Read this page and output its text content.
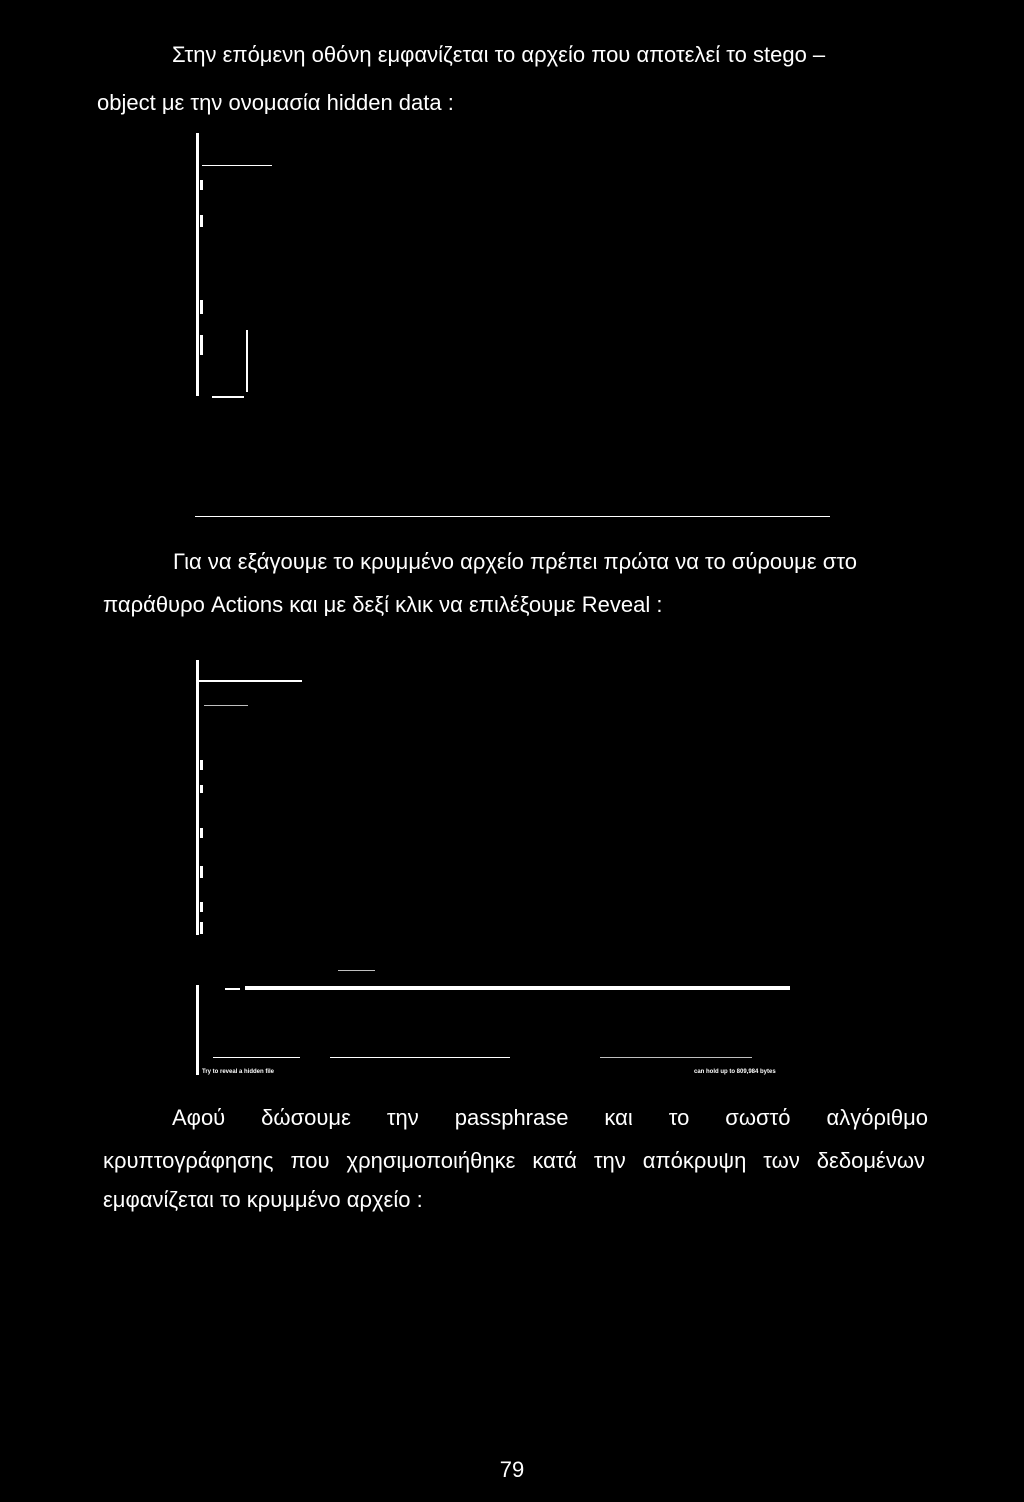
Στην επόμενη οθόνη εμφανίζεται το αρχείο που αποτελεί το stego –
object με την ονομασία hidden data :
Για να εξάγουμε το κρυμμένο αρχείο πρέπει πρώτα να το σύρουμε στο
παράθυρο Actions και με δεξί κλικ να επιλέξουμε Reveal :
Try to reveal a hidden file	can hold up to 809,984 bytes
Αφού δώσουμε την passphrase και το σωστό αλγόριθμο
κρυπτογράφησης που χρησιμοποιήθηκε κατά την απόκρυψη των δεδομένων
εμφανίζεται το κρυμμένο αρχείο :
79
